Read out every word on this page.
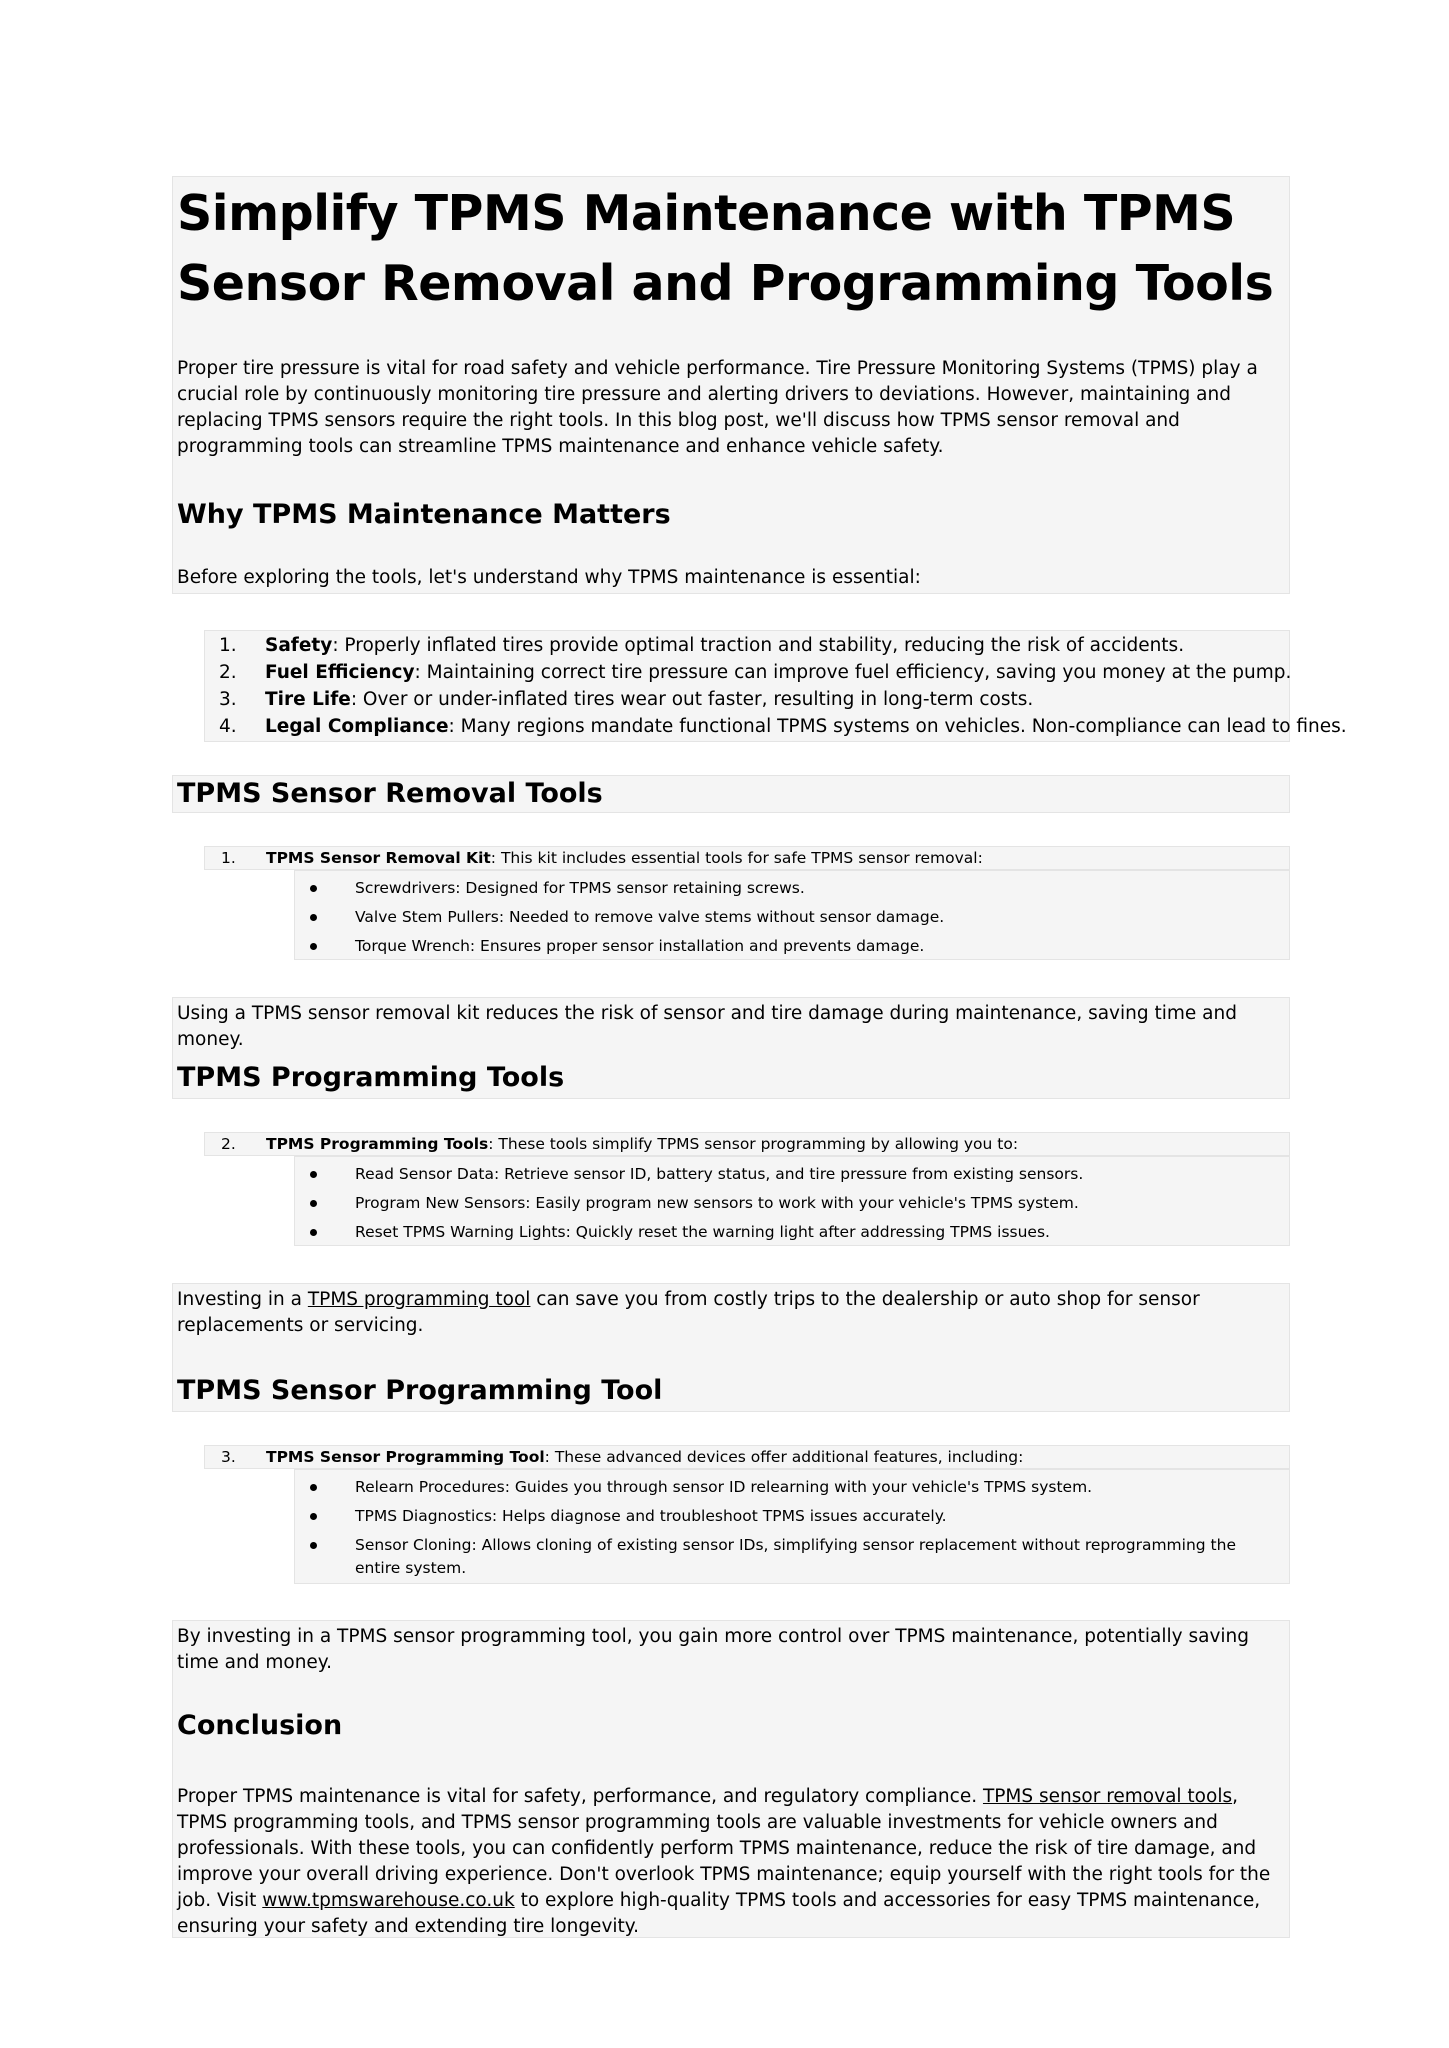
Simplify TPMS Maintenance with TPMS Sensor Removal and Programming Tools

Proper tire pressure is vital for road safety and vehicle performance. Tire Pressure Monitoring Systems (TPMS) play a crucial role by continuously monitoring tire pressure and alerting drivers to deviations. However, maintaining and replacing TPMS sensors require the right tools. In this blog post, we'll discuss how TPMS sensor removal and programming tools can streamline TPMS maintenance and enhance vehicle safety.

Why TPMS Maintenance Matters

Before exploring the tools, let's understand why TPMS maintenance is essential:

1. Safety: Properly inflated tires provide optimal traction and stability, reducing the risk of accidents.
2. Fuel Efficiency: Maintaining correct tire pressure can improve fuel efficiency, saving you money at the pump.
3. Tire Life: Over or under-inflated tires wear out faster, resulting in long-term costs.
4. Legal Compliance: Many regions mandate functional TPMS systems on vehicles. Non-compliance can lead to fines.
TPMS Sensor Removal Tools
1. TPMS Sensor Removal Kit: This kit includes essential tools for safe TPMS sensor removal:
Screwdrivers: Designed for TPMS sensor retaining screws.
Valve Stem Pullers: Needed to remove valve stems without sensor damage.
Torque Wrench: Ensures proper sensor installation and prevents damage.

Using a TPMS sensor removal kit reduces the risk of sensor and tire damage during maintenance, saving time and money.

TPMS Programming Tools
2. TPMS Programming Tools: These tools simplify TPMS sensor programming by allowing you to:
Read Sensor Data: Retrieve sensor ID, battery status, and tire pressure from existing sensors.
Program New Sensors: Easily program new sensors to work with your vehicle's TPMS system.
Reset TPMS Warning Lights: Quickly reset the warning light after addressing TPMS issues.

Investing in a TPMS programming tool can save you from costly trips to the dealership or auto shop for sensor replacements or servicing.

TPMS Sensor Programming Tool
3. TPMS Sensor Programming Tool: These advanced devices offer additional features, including:
Relearn Procedures: Guides you through sensor ID relearning with your vehicle's TPMS system.
TPMS Diagnostics: Helps diagnose and troubleshoot TPMS issues accurately.
Sensor Cloning: Allows cloning of existing sensor IDs, simplifying sensor replacement without reprogramming the entire system.

By investing in a TPMS sensor programming tool, you gain more control over TPMS maintenance, potentially saving time and money.

Conclusion

Proper TPMS maintenance is vital for safety, performance, and regulatory compliance. TPMS sensor removal tools, TPMS programming tools, and TPMS sensor programming tools are valuable investments for vehicle owners and professionals. With these tools, you can confidently perform TPMS maintenance, reduce the risk of tire damage, and improve your overall driving experience. Don't overlook TPMS maintenance; equip yourself with the right tools for the job. Visit www.tpmswarehouse.co.uk to explore high-quality TPMS tools and accessories for easy TPMS maintenance, ensuring your safety and extending tire longevity.
